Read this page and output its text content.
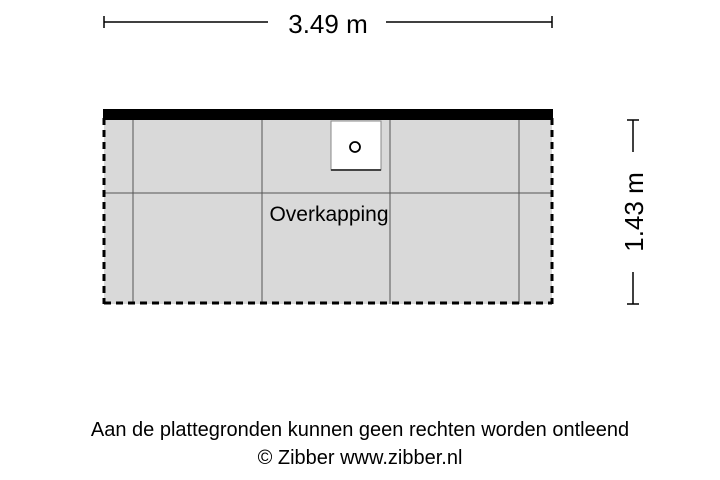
3.49 m
Overkapping	1.43 m
Aan de plattegronden kunnen geen rechten worden ontleend
© Zibber www.zibber.nl
